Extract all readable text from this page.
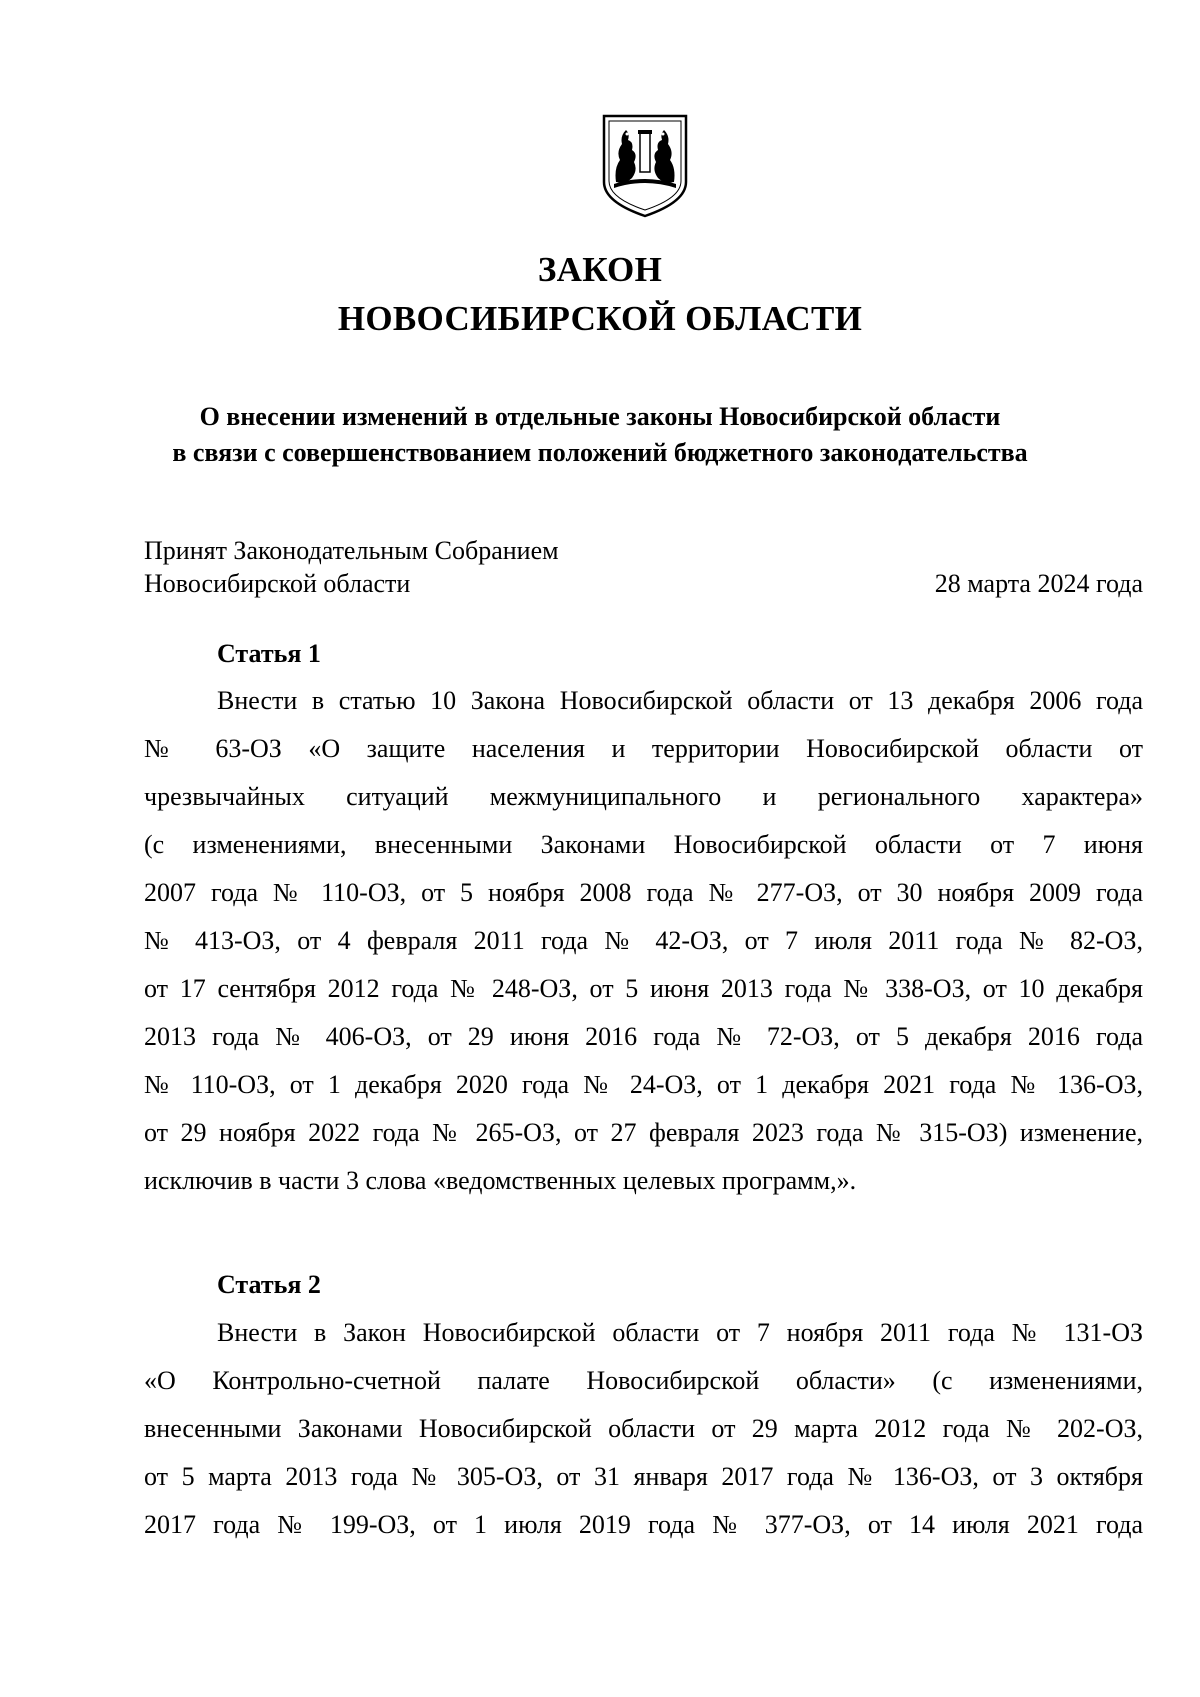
ЗАКОН
НОВОСИБИРСКОЙ ОБЛАСТИ
О внесении изменений в отдельные законы Новосибирской области
в связи с совершенствованием положений бюджетного законодательства
Принят Законодательным Собранием
Новосибирской области	28 марта 2024 года
Статья 1
Внести в статью 10 Закона Новосибирской области от 13 декабря 2006 года
№ 63-ОЗ «О защите населения и территории Новосибирской области от
чрезвычайных ситуаций межмуниципального и регионального характера»
(с изменениями, внесенными Законами Новосибирской области от 7 июня
2007 года № 110-ОЗ, от 5 ноября 2008 года № 277-ОЗ, от 30 ноября 2009 года
№ 413-ОЗ, от 4 февраля 2011 года № 42-ОЗ, от 7 июля 2011 года № 82-ОЗ,
от 17 сентября 2012 года № 248-ОЗ, от 5 июня 2013 года № 338-ОЗ, от 10 декабря
2013 года № 406-ОЗ, от 29 июня 2016 года № 72-ОЗ, от 5 декабря 2016 года
№ 110-ОЗ, от 1 декабря 2020 года № 24-ОЗ, от 1 декабря 2021 года № 136-ОЗ,
от 29 ноября 2022 года № 265-ОЗ, от 27 февраля 2023 года № 315-ОЗ) изменение,
исключив в части 3 слова «ведомственных целевых программ,».
Статья 2
Внести в Закон Новосибирской области от 7 ноября 2011 года № 131-ОЗ
«О Контрольно-счетной палате Новосибирской области» (с изменениями,
внесенными Законами Новосибирской области от 29 марта 2012 года № 202-ОЗ,
от 5 марта 2013 года № 305-ОЗ, от 31 января 2017 года № 136-ОЗ, от 3 октября
2017 года № 199-ОЗ, от 1 июля 2019 года № 377-ОЗ, от 14 июля 2021 года
